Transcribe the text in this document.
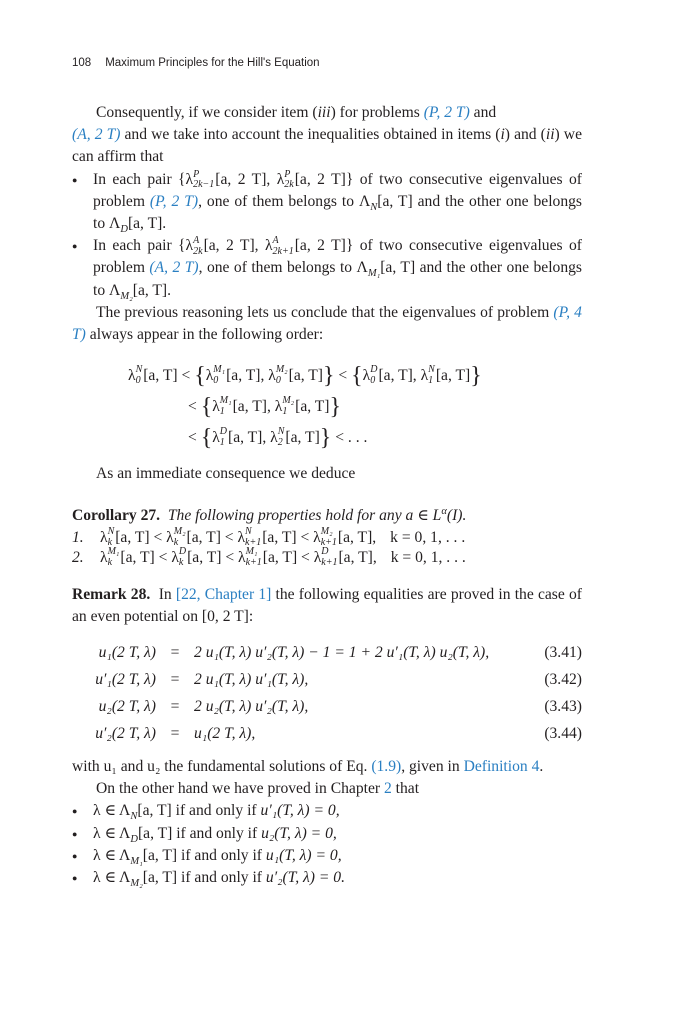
108 Maximum Principles for the Hill's Equation

Consequently, if we consider item (iii) for problems (P, 2 T) and
(A, 2 T) and we take into account the inequalities obtained in items (i) and (ii) we can affirm that

● In each pair {λ P
2k−1 [a, 2 T], λ P
2k [a, 2 T]} of two consecutive eigenvalues of problem (P, 2 T), one of them belongs to $\Lambda_N[a$, T] and the other one belongs to $\Lambda_D[a$, T].
● In each pair {λ A
2k [a, 2 T], λ A
2k+1 [a, 2 T]} of two consecutive eigenvalues of problem (A, 2 T), one of them belongs to $\Lambda_{M_1}[a$, T] and the other one belongs to $\Lambda_{M_2}[a$, T].

The previous reasoning lets us conclude that the eigenvalues of problem (P, 4 T) always appear in the following order:

λ N
0 [a, T] <
{ λ M₁
0 [a, T], λ M₂
0 [a, T] }
<
{ λ D
0 [a, T], λ N
1 [a, T] }
<
{ λ M₁
1 [a, T], λ M₂
1 [a, T] }
<
{ λ D
1 [a, T], λ N
2 [a, T] }
< . . .

As an immediate consequence we deduce

Corollary 27. The following properties hold for any a ∈ $L^\alpha(I)$.
1.	λ N
k [a, T] < λ M₂
k [a, T] < λ N
k+1 [a, T] < λ M₂
k+1 [a, T], k = 0, 1, . . .
2.	λ M₁
k [a, T] < λ D
k [a, T] < λ M₁
k+1 [a, T] < λ D
k+1 [a, T], k = 0, 1, . . .

Remark 28. In [22, Chapter 1] the following equalities are proved in the case of an even potential on [0, 2 T]:

u₁(2 T, λ) = 2 u₁(T, λ) u′₂(T, λ) − 1 = 1 + 2 u′₁(T, λ) u₂(T, λ),	(3.41)
u′₁(2 T, λ) = 2 u₁(T, λ) u′₁(T, λ),	(3.42)
u₂(2 T, λ) = 2 u₂(T, λ) u′₂(T, λ),	(3.43)
u′₂(2 T, λ) = u₁(2 T, λ),	(3.44)

with u₁ and u₂ the fundamental solutions of Eq. (1.9), given in Definition 4.

On the other hand we have proved in Chapter 2 that

● λ ∈ $\Lambda_N[a$, T] if and only if u′₁(T, λ) = 0,
● λ ∈ $\Lambda_D[a$, T] if and only if u₂(T, λ) = 0,
● λ ∈ $\Lambda_{M_1}[a$, T] if and only if u₁(T, λ) = 0,
● λ ∈ $\Lambda_{M_2}[a$, T] if and only if u′₂(T, λ) = 0.
